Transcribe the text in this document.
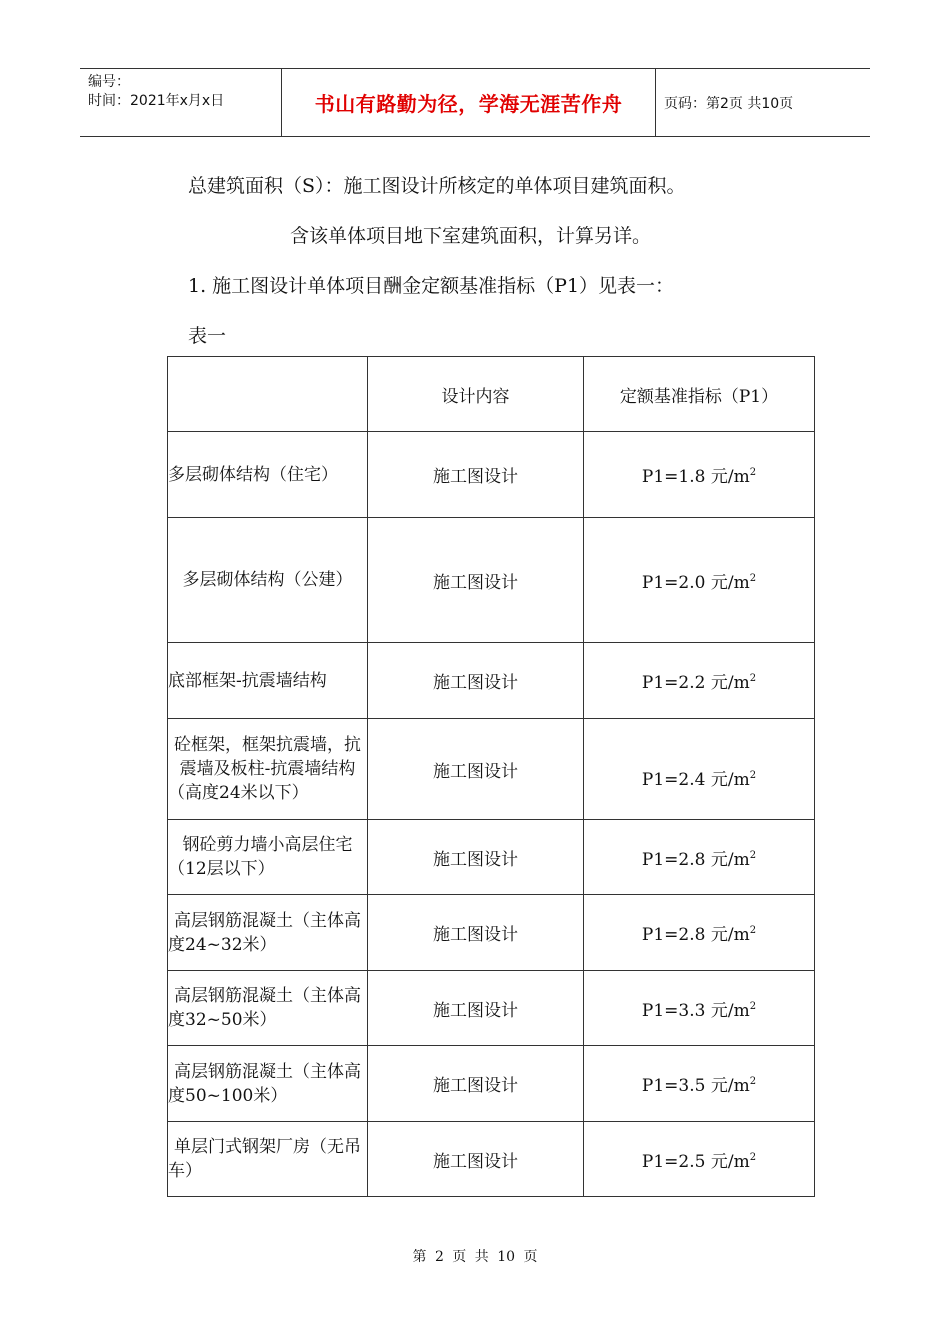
编号：
时间：2021年x月x日	书山有路勤为径，学海无涯苦作舟	页码：第2页 共10页
总建筑面积（S）：施工图设计所核定的单体项目建筑面积。
含该单体项目地下室建筑面积，计算另详。
1. 施工图设计单体项目酬金定额基准指标（P1）见表一：
表一
	设计内容	定额基准指标（P1）
多层砌体结构（住宅）	施工图设计	P1=1.8 元$/m^2$
多层砌体结构（公建）	施工图设计	P1=2.0 元$/m^2$
底部框架-抗震墙结构	施工图设计	P1=2.2 元$/m^2$
砼框架，框架抗震墙，抗震墙及板柱-抗震墙结构（高度24米以下）	施工图设计	P1=2.4 元$/m^2$
钢砼剪力墙小高层住宅（12层以下）	施工图设计	P1=2.8 元$/m^2$
高层钢筋混凝土（主体高度24~32米）	施工图设计	P1=2.8 元$/m^2$
高层钢筋混凝土（主体高度32~50米）	施工图设计	P1=3.3 元$/m^2$
高层钢筋混凝土（主体高度50~100米）	施工图设计	P1=3.5 元$/m^2$
单层门式钢架厂房（无吊车）	施工图设计	P1=2.5 元$/m^2$
第 2 页 共 10 页
